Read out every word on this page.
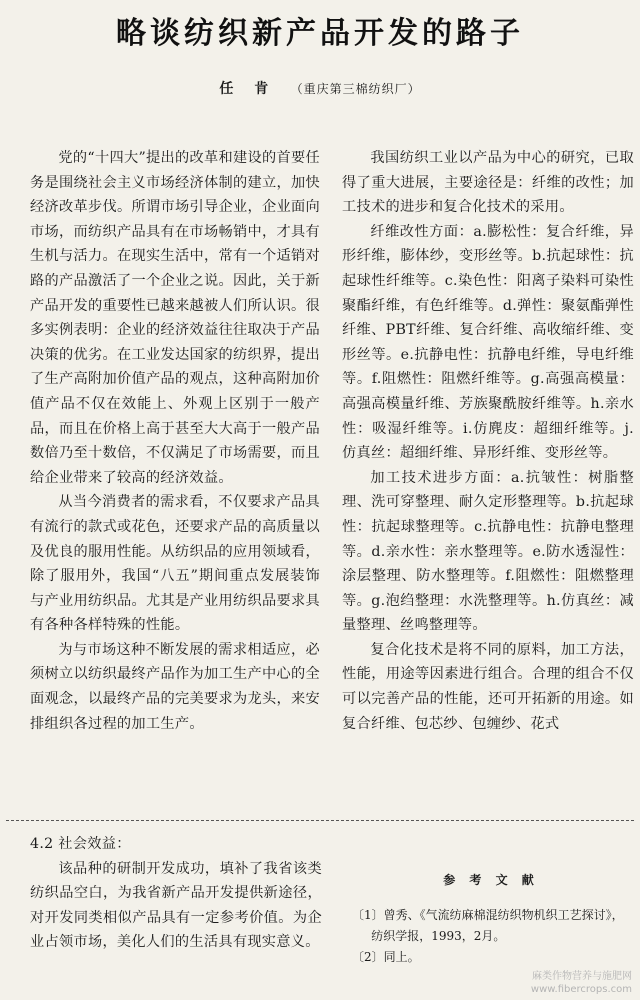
略谈纺织新产品开发的路子
任 肯 （重庆第三棉纺织厂）

党的“十四大”提出的改革和建设的首要任务是围绕社会主义市场经济体制的建立，加快经济改革步伐。所谓市场引导企业，企业面向市场，而纺织产品具有在市场畅销中，才具有生机与活力。在现实生活中，常有一个适销对路的产品激活了一个企业之说。因此，关于新产品开发的重要性已越来越被人们所认识。很多实例表明：企业的经济效益往往取决于产品决策的优劣。在工业发达国家的纺织界，提出了生产高附加价值产品的观点，这种高附加价值产品不仅在效能上、外观上区别于一般产品，而且在价格上高于甚至大大高于一般产品数倍乃至十数倍，不仅满足了市场需要，而且给企业带来了较高的经济效益。

从当今消费者的需求看，不仅要求产品具有流行的款式或花色，还要求产品的高质量以及优良的服用性能。从纺织品的应用领域看，除了服用外，我国“八五”期间重点发展装饰与产业用纺织品。尤其是产业用纺织品要求具有各种各样特殊的性能。

为与市场这种不断发展的需求相适应，必须树立以纺织最终产品作为加工生产中心的全面观念，以最终产品的完美要求为龙头，来安排组织各过程的加工生产。

我国纺织工业以产品为中心的研究，已取得了重大进展，主要途径是：纤维的改性；加工技术的进步和复合化技术的采用。

纤维改性方面：a.膨松性：复合纤维，异形纤维，膨体纱，变形丝等。b.抗起球性：抗起球性纤维等。c.染色性：阳离子染料可染性聚酯纤维，有色纤维等。d.弹性：聚氨酯弹性纤维、PBT纤维、复合纤维、高收缩纤维、变形丝等。e.抗静电性：抗静电纤维，导电纤维等。f.阻燃性：阻燃纤维等。g.高强高模量：高强高模量纤维、芳族聚酰胺纤维等。h.亲水性：吸湿纤维等。i.仿麂皮：超细纤维等。j.仿真丝：超细纤维、异形纤维、变形丝等。

加工技术进步方面：a.抗皱性：树脂整理、洗可穿整理、耐久定形整理等。b.抗起球性：抗起球整理等。c.抗静电性：抗静电整理等。d.亲水性：亲水整理等。e.防水透湿性：涂层整理、防水整理等。f.阻燃性：阻燃整理等。g.泡绉整理：水洗整理等。h.仿真丝：减量整理、丝鸣整理等。

复合化技术是将不同的原料，加工方法，性能，用途等因素进行组合。合理的组合不仅可以完善产品的性能，还可开拓新的用途。如复合纤维、包芯纱、包缠纱、花式

4.2 社会效益：

该品种的研制开发成功，填补了我省该类纺织品空白，为我省新产品开发提供新途径，对开发同类相似产品具有一定参考价值。为企业占领市场，美化人们的生活具有现实意义。

参 考 文 献

〔1〕曾秀、《气流纺麻棉混纺织物机织工艺探讨》，纺织学报，1993，2月。

〔2〕同上。

麻类作物营养与施肥网
www.fibercrops.com
